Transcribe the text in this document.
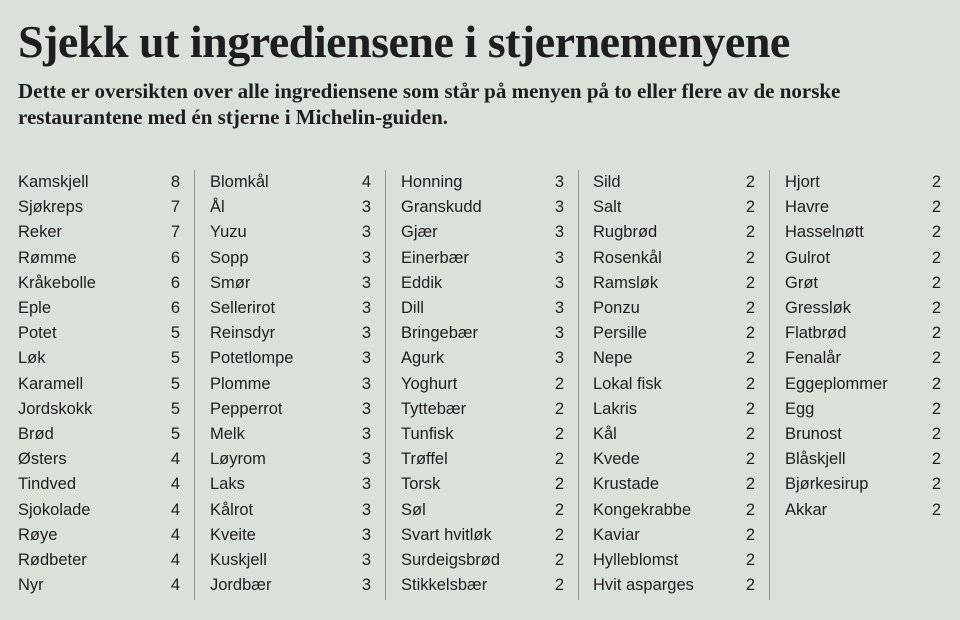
Sjekk ut ingrediensene i stjernemenyene
Dette er oversikten over alle ingrediensene som står på menyen på to eller flere av de norske restaurantene med én stjerne i Michelin-guiden.
Kamskjell	8
Sjøkreps	7
Reker	7
Rømme	6
Kråkebolle	6
Eple	6
Potet	5
Løk	5
Karamell	5
Jordskokk	5
Brød	5
Østers	4
Tindved	4
Sjokolade	4
Røye	4
Rødbeter	4
Nyr	4
Blomkål	4
Ål	3
Yuzu	3
Sopp	3
Smør	3
Sellerirot	3
Reinsdyr	3
Potetlompe	3
Plomme	3
Pepperrot	3
Melk	3
Løyrom	3
Laks	3
Kålrot	3
Kveite	3
Kuskjell	3
Jordbær	3
Honning	3
Granskudd	3
Gjær	3
Einerbær	3
Eddik	3
Dill	3
Bringebær	3
Agurk	3
Yoghurt	2
Tyttebær	2
Tunfisk	2
Trøffel	2
Torsk	2
Søl	2
Svart hvitløk	2
Surdeigsbrød	2
Stikkelsbær	2
Sild	2
Salt	2
Rugbrød	2
Rosenkål	2
Ramsløk	2
Ponzu	2
Persille	2
Nepe	2
Lokal fisk	2
Lakris	2
Kål	2
Kvede	2
Krustade	2
Kongekrabbe	2
Kaviar	2
Hylleblomst	2
Hvit asparges	2
Hjort	2
Havre	2
Hasselnøtt	2
Gulrot	2
Grøt	2
Gressløk	2
Flatbrød	2
Fenalår	2
Eggeplommer	2
Egg	2
Brunost	2
Blåskjell	2
Bjørkesirup	2
Akkar	2
